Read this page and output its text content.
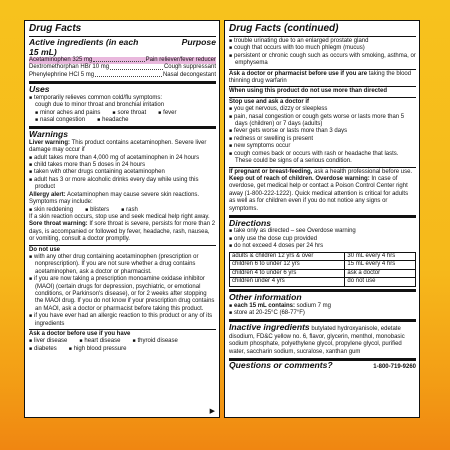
Drug Facts
Active ingredients (in each 15 mL)
Purpose
Acetaminophen 325 mg	Pain reliever/fever reducer
Dextromethorphan HBr 10 mg	Cough suppressant
Phenylephrine HCl 5 mg	Nasal decongestant
Uses
■ temporarily relieves common cold/flu symptoms:
cough due to minor throat and bronchial irritation
■ minor aches and pains	■ sore throat	■ fever
■ nasal congestion	■ headache
Warnings
Liver warning: This product contains acetaminophen. Severe liver damage may occur if
■ adult takes more than 4,000 mg of acetaminophen in 24 hours
■ child takes more than 5 doses in 24 hours
■ taken with other drugs containing acetaminophen
■ adult has 3 or more alcoholic drinks every day while using this product
Allergy alert: Acetaminophen may cause severe skin reactions. Symptoms may include:
■ skin reddening	■ blisters	■ rash
If a skin reaction occurs, stop use and seek medical help right away.
Sore throat warning: If sore throat is severe, persists for more than 2 days, is accompanied or followed by fever, headache, rash, nausea, or vomiting, consult a doctor promptly.
Do not use
■ with any other drug containing acetaminophen (prescription or nonprescription). If you are not sure whether a drug contains acetaminophen, ask a doctor or pharmacist.
■ if you are now taking a prescription monoamine oxidase inhibitor (MAOI) (certain drugs for depression, psychiatric, or emotional conditions, or Parkinson's disease), or for 2 weeks after stopping the MAOI drug. If you do not know if your prescription drug contains an MAOI, ask a doctor or pharmacist before taking this product.
■ if you have ever had an allergic reaction to this product or any of its ingredients
Ask a doctor before use if you have
■ liver disease	■ heart disease	■ thyroid disease
■ diabetes	■ high blood pressure
▶
Drug Facts (continued)
■ trouble urinating due to an enlarged prostate gland
■ cough that occurs with too much phlegm (mucus)
■ persistent or chronic cough such as occurs with smoking, asthma, or emphysema
Ask a doctor or pharmacist before use if you are taking the blood thinning drug warfarin
When using this product do not use more than directed
Stop use and ask a doctor if
■ you get nervous, dizzy or sleepless
■ pain, nasal congestion or cough gets worse or lasts more than 5 days (children) or 7 days (adults)
■ fever gets worse or lasts more than 3 days
■ redness or swelling is present
■ new symptoms occur
■ cough comes back or occurs with rash or headache that lasts. These could be signs of a serious condition.
If pregnant or breast-feeding, ask a health professional before use.
Keep out of reach of children. Overdose warning: In case of overdose, get medical help or contact a Poison Control Center right away (1-800-222-1222). Quick medical attention is critical for adults as well as for children even if you do not notice any signs or symptoms.
Directions
■ take only as directed – see Overdose warning
■ only use the dose cup provided
■ do not exceed 4 doses per 24 hrs
adults & children 12 yrs & over	30 mL every 4 hrs
children 6 to under 12 yrs	15 mL every 4 hrs
children 4 to under 6 yrs	ask a doctor
children under 4 yrs	do not use
Other information
■ each 15 mL contains: sodium 7 mg
■ store at 20-25°C (68-77°F)
Inactive ingredients butylated hydroxyanisole, edetate disodium, FD&C yellow no. 6, flavor, glycerin, menthol, monobasic sodium phosphate, polyethylene glycol, propylene glycol, purified water, saccharin sodium, sucralose, xanthan gum
Questions or comments?	1-800-719-9260
